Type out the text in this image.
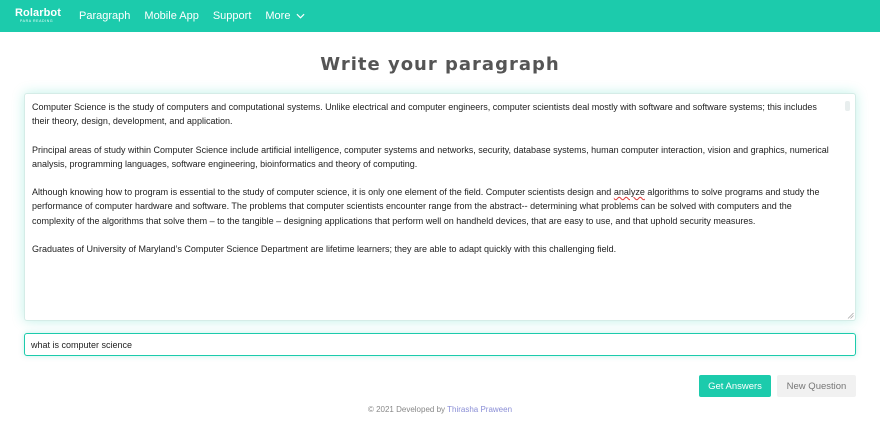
Rolarbot
PARA READING	Paragraph Mobile App Support More
Write your paragraph

Computer Science is the study of computers and computational systems. Unlike electrical and computer engineers, computer scientists deal mostly with software and software systems; this includes their theory, design, development, and application.

Principal areas of study within Computer Science include artificial intelligence, computer systems and networks, security, database systems, human computer interaction, vision and graphics, numerical analysis, programming languages, software engineering, bioinformatics and theory of computing.

Although knowing how to program is essential to the study of computer science, it is only one element of the field. Computer scientists design and analyze algorithms to solve programs and study the performance of computer hardware and software. The problems that computer scientists encounter range from the abstract-- determining what problems can be solved with computers and the complexity of the algorithms that solve them – to the tangible – designing applications that perform well on handheld devices, that are easy to use, and that uphold security measures.

Graduates of University of Maryland’s Computer Science Department are lifetime learners; they are able to adapt quickly with this challenging field.

what is computer science
Get Answers	New Question
© 2021 Developed by Thirasha Praween
